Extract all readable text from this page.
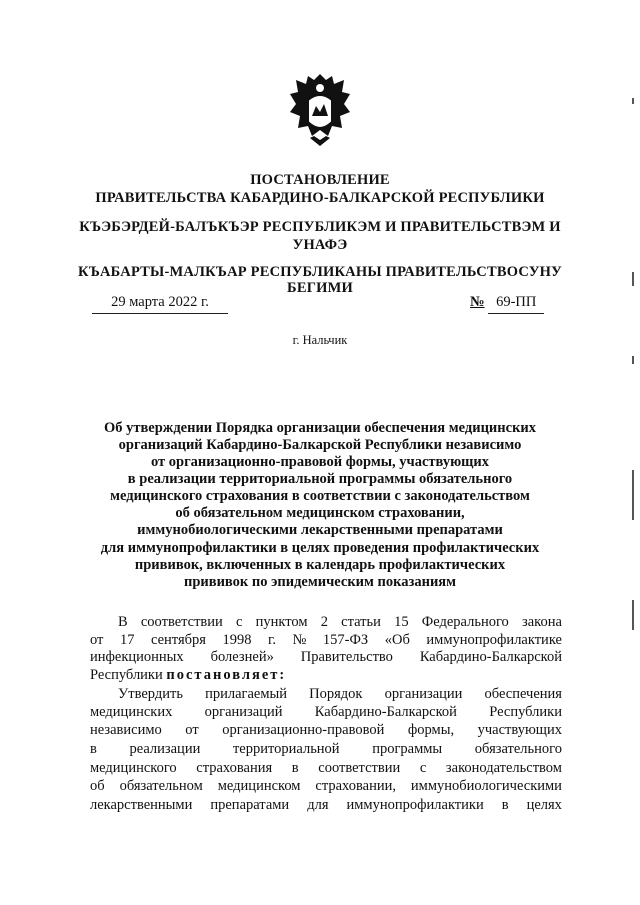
ПОСТАНОВЛЕНИЕ
ПРАВИТЕЛЬСТВА КАБАРДИНО-БАЛКАРСКОЙ РЕСПУБЛИКИ
КЪЭБЭРДЕЙ-БАЛЪКЪЭР РЕСПУБЛИКЭМ И ПРАВИТЕЛЬСТВЭМ И
УНАФЭ
КЪАБАРТЫ-МАЛКЪАР РЕСПУБЛИКАНЫ ПРАВИТЕЛЬСТВОСУНУ
БЕГИМИ
29 марта 2022 г.	№ 69-ПП
г. Нальчик
Об утверждении Порядка организации обеспечения медицинских
организаций Кабардино-Балкарской Республики независимо
от организационно-правовой формы, участвующих
в реализации территориальной программы обязательного
медицинского страхования в соответствии с законодательством
об обязательном медицинском страховании,
иммунобиологическими лекарственными препаратами
для иммунопрофилактики в целях проведения профилактических
прививок, включенных в календарь профилактических
прививок по эпидемическим показаниям
В соответствии с пунктом 2 статьи 15 Федерального закона
от 17 сентября 1998 г. № 157-ФЗ «Об иммунопрофилактике
инфекционных болезней» Правительство Кабардино-Балкарской
Республики
постановляет:
Утвердить прилагаемый Порядок организации обеспечения
медицинских организаций Кабардино-Балкарской Республики
независимо от организационно-правовой формы, участвующих
в реализации территориальной программы обязательного
медицинского страхования в соответствии с законодательством
об обязательном медицинском страховании, иммунобиологическими
лекарственными препаратами для иммунопрофилактики в целях
